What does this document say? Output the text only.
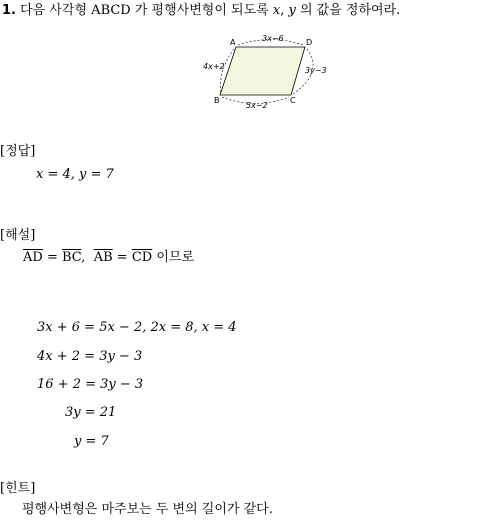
1. 다음 사각형 ABCD 가 평행사변형이 되도록 x, y 의 값을 정하여라.
A	D
B	C
3x−6
4x+2	3y−3
5x−2
[정답]
x = 4, y = 7
[해설]
$\overline{AD} = \overline{BC}$, $\overline{AB} = \overline{CD}$ 이므로
3x + 6 = 5x − 2, 2x = 8, x = 4
4x + 2 = 3y − 3
16 + 2 = 3y − 3
3y = 21
y = 7
[힌트]
평행사변형은 마주보는 두 변의 길이가 같다.
